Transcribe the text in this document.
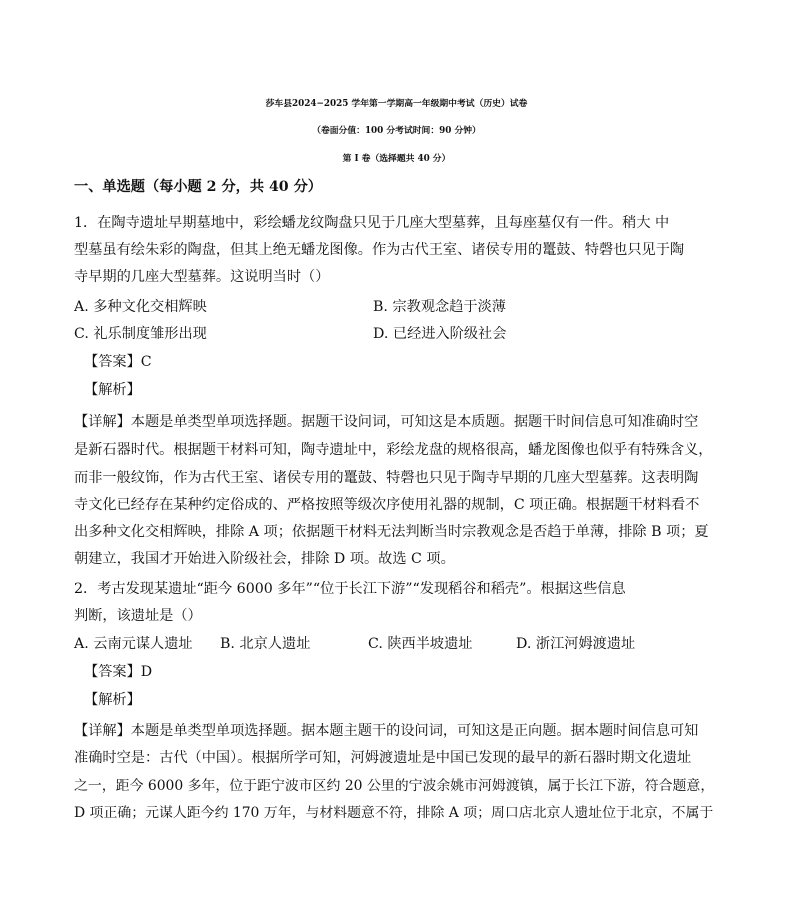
莎车县2024−2025 学年第一学期高一年级期中考试（历史）试卷
（卷面分值：100 分考试时间：90 分钟）
第 I 卷（选择题共 40 分）
一、单选题（每小题 2 分，共 40 分）
1．在陶寺遗址早期墓地中，彩绘蟠龙纹陶盘只见于几座大型墓葬，且每座墓仅有一件。稍大 中
型墓虽有绘朱彩的陶盘，但其上绝无蟠龙图像。作为古代王室、诸侯专用的鼍鼓、特磬也只见于陶
寺早期的几座大型墓葬。这说明当时（）
A. 多种文化交相辉映	B. 宗教观念趋于淡薄
C. 礼乐制度雏形出现	D. 已经进入阶级社会
【答案】C
【解析】
【详解】本题是单类型单项选择题。据题干设问词，可知这是本质题。据题干时间信息可知准确时空
是新石器时代。根据题干材料可知，陶寺遗址中，彩绘龙盘的规格很高，蟠龙图像也似乎有特殊含义，
而非一般纹饰，作为古代王室、诸侯专用的鼍鼓、特磬也只见于陶寺早期的几座大型墓葬。这表明陶
寺文化已经存在某种约定俗成的、严格按照等级次序使用礼器的规制，C 项正确。根据题干材料看不
出多种文化交相辉映，排除 A 项；依据题干材料无法判断当时宗教观念是否趋于单薄，排除 B 项；夏
朝建立，我国才开始进入阶级社会，排除 D 项。故选 C 项。
2．考古发现某遗址“距今 6000 多年”“位于长江下游”“发现稻谷和稻壳”。根据这些信息
判断，该遗址是（）
A. 云南元谋人遗址 B. 北京人遗址	C. 陕西半坡遗址	D. 浙江河姆渡遗址
【答案】D
【解析】
【详解】本题是单类型单项选择题。据本题主题干的设问词，可知这是正向题。据本题时间信息可知
准确时空是：古代（中国）。根据所学可知，河姆渡遗址是中国已发现的最早的新石器时期文化遗址
之一，距今 6000 多年，位于距宁波市区约 20 公里的宁波余姚市河姆渡镇，属于长江下游，符合题意，
D 项正确；元谋人距今约 170 万年，与材料题意不符，排除 A 项；周口店北京人遗址位于北京，不属于
